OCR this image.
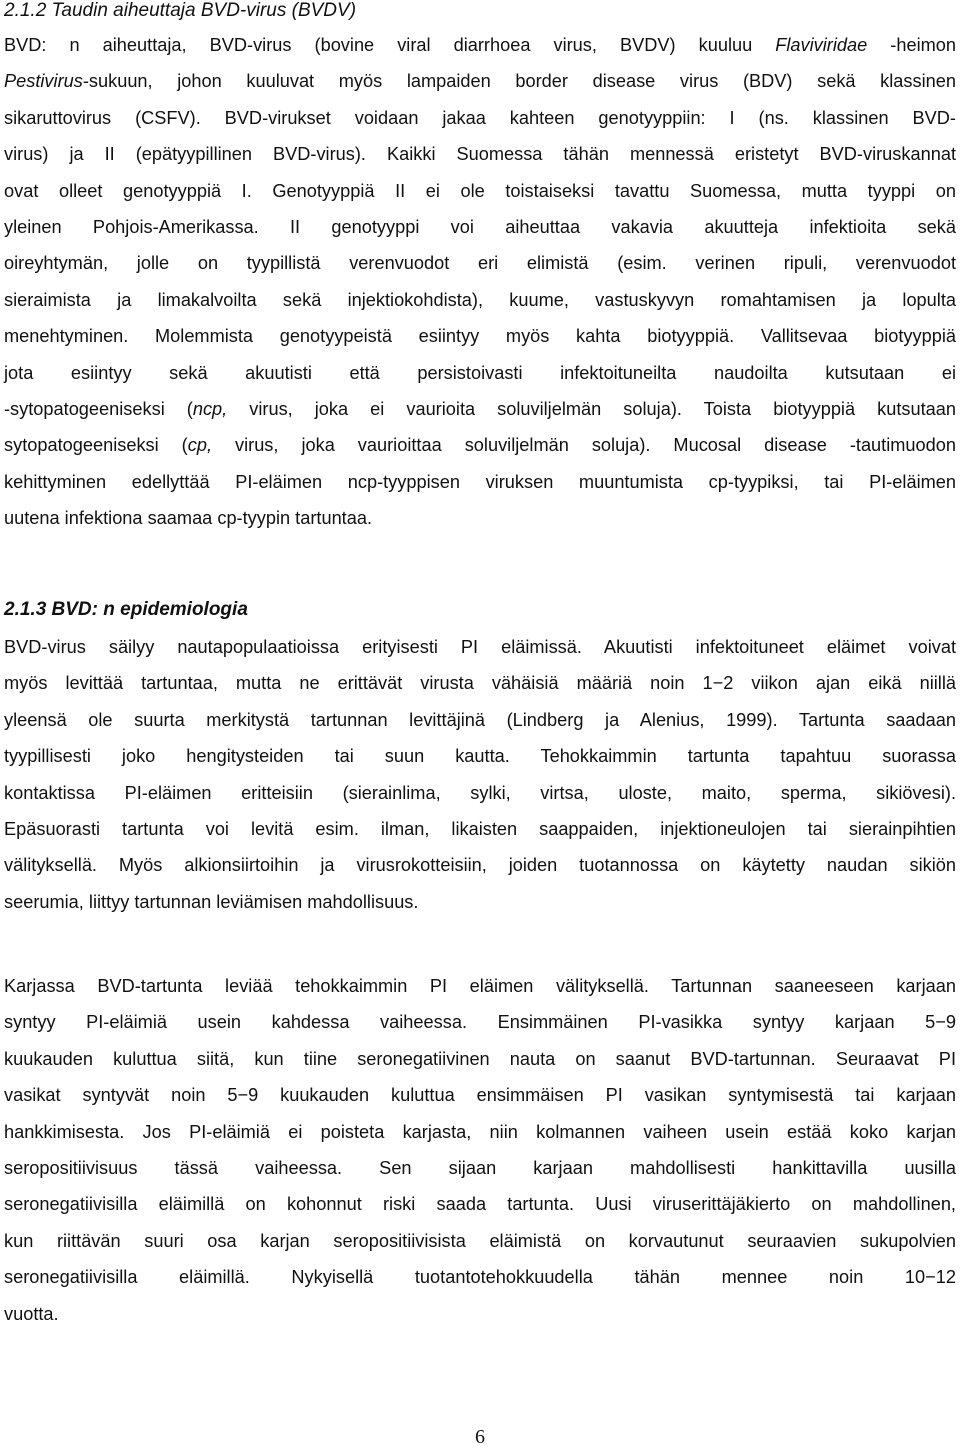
2.1.2 Taudin aiheuttaja BVD-virus (BVDV)

BVD: n aiheuttaja, BVD-virus (bovine viral diarrhoea virus, BVDV) kuuluu Flaviviridae -heimon
Pestivirus-sukuun, johon kuuluvat myös lampaiden border disease virus (BDV) sekä klassinen
sikaruttovirus (CSFV). BVD-virukset voidaan jakaa kahteen genotyyppiin: I (ns. klassinen BVD-
virus) ja II (epätyypillinen BVD-virus). Kaikki Suomessa tähän mennessä eristetyt BVD-viruskannat
ovat olleet genotyyppiä I. Genotyyppiä II ei ole toistaiseksi tavattu Suomessa, mutta tyyppi on
yleinen Pohjois-Amerikassa. II genotyyppi voi aiheuttaa vakavia akuutteja infektioita sekä
oireyhtymän, jolle on tyypillistä verenvuodot eri elimistä (esim. verinen ripuli, verenvuodot
sieraimista ja limakalvoilta sekä injektiokohdista), kuume, vastuskyvyn romahtamisen ja lopulta
menehtyminen. Molemmista genotyypeistä esiintyy myös kahta biotyyppiä. Vallitsevaa biotyyppiä
jota esiintyy sekä akuutisti että persistoivasti infektoituneilta naudoilta kutsutaan ei
-sytopatogeeniseksi (ncp, virus, joka ei vaurioita soluviljelmän soluja). Toista biotyyppiä kutsutaan
sytopatogeeniseksi (cp, virus, joka vaurioittaa soluviljelmän soluja). Mucosal disease -tautimuodon
kehittyminen edellyttää PI-eläimen ncp-tyyppisen viruksen muuntumista cp-tyypiksi, tai PI-eläimen
uutena infektiona saamaa cp-tyypin tartuntaa.

2.1.3 BVD: n epidemiologia

BVD-virus säilyy nautapopulaatioissa erityisesti PI eläimissä. Akuutisti infektoituneet eläimet voivat
myös levittää tartuntaa, mutta ne erittävät virusta vähäisiä määriä noin 1−2 viikon ajan eikä niillä
yleensä ole suurta merkitystä tartunnan levittäjinä (Lindberg ja Alenius, 1999). Tartunta saadaan
tyypillisesti joko hengitysteiden tai suun kautta. Tehokkaimmin tartunta tapahtuu suorassa
kontaktissa PI-eläimen eritteisiin (sierainlima, sylki, virtsa, uloste, maito, sperma, sikiövesi).
Epäsuorasti tartunta voi levitä esim. ilman, likaisten saappaiden, injektioneulojen tai sierainpihtien
välityksellä. Myös alkionsiirtoihin ja virusrokotteisiin, joiden tuotannossa on käytetty naudan sikiön
seerumia, liittyy tartunnan leviämisen mahdollisuus.

Karjassa BVD-tartunta leviää tehokkaimmin PI eläimen välityksellä. Tartunnan saaneeseen karjaan
syntyy PI-eläimiä usein kahdessa vaiheessa. Ensimmäinen PI-vasikka syntyy karjaan 5−9
kuukauden kuluttua siitä, kun tiine seronegatiivinen nauta on saanut BVD-tartunnan. Seuraavat PI
vasikat syntyvät noin 5−9 kuukauden kuluttua ensimmäisen PI vasikan syntymisestä tai karjaan
hankkimisesta. Jos PI-eläimiä ei poisteta karjasta, niin kolmannen vaiheen usein estää koko karjan
seropositiivisuus tässä vaiheessa. Sen sijaan karjaan mahdollisesti hankittavilla uusilla
seronegatiivisilla eläimillä on kohonnut riski saada tartunta. Uusi viruserittäjäkierto on mahdollinen,
kun riittävän suuri osa karjan seropositiivisista eläimistä on korvautunut seuraavien sukupolvien
seronegatiivisilla eläimillä. Nykyisellä tuotantotehokkuudella tähän mennee noin 10−12
vuotta.

6
